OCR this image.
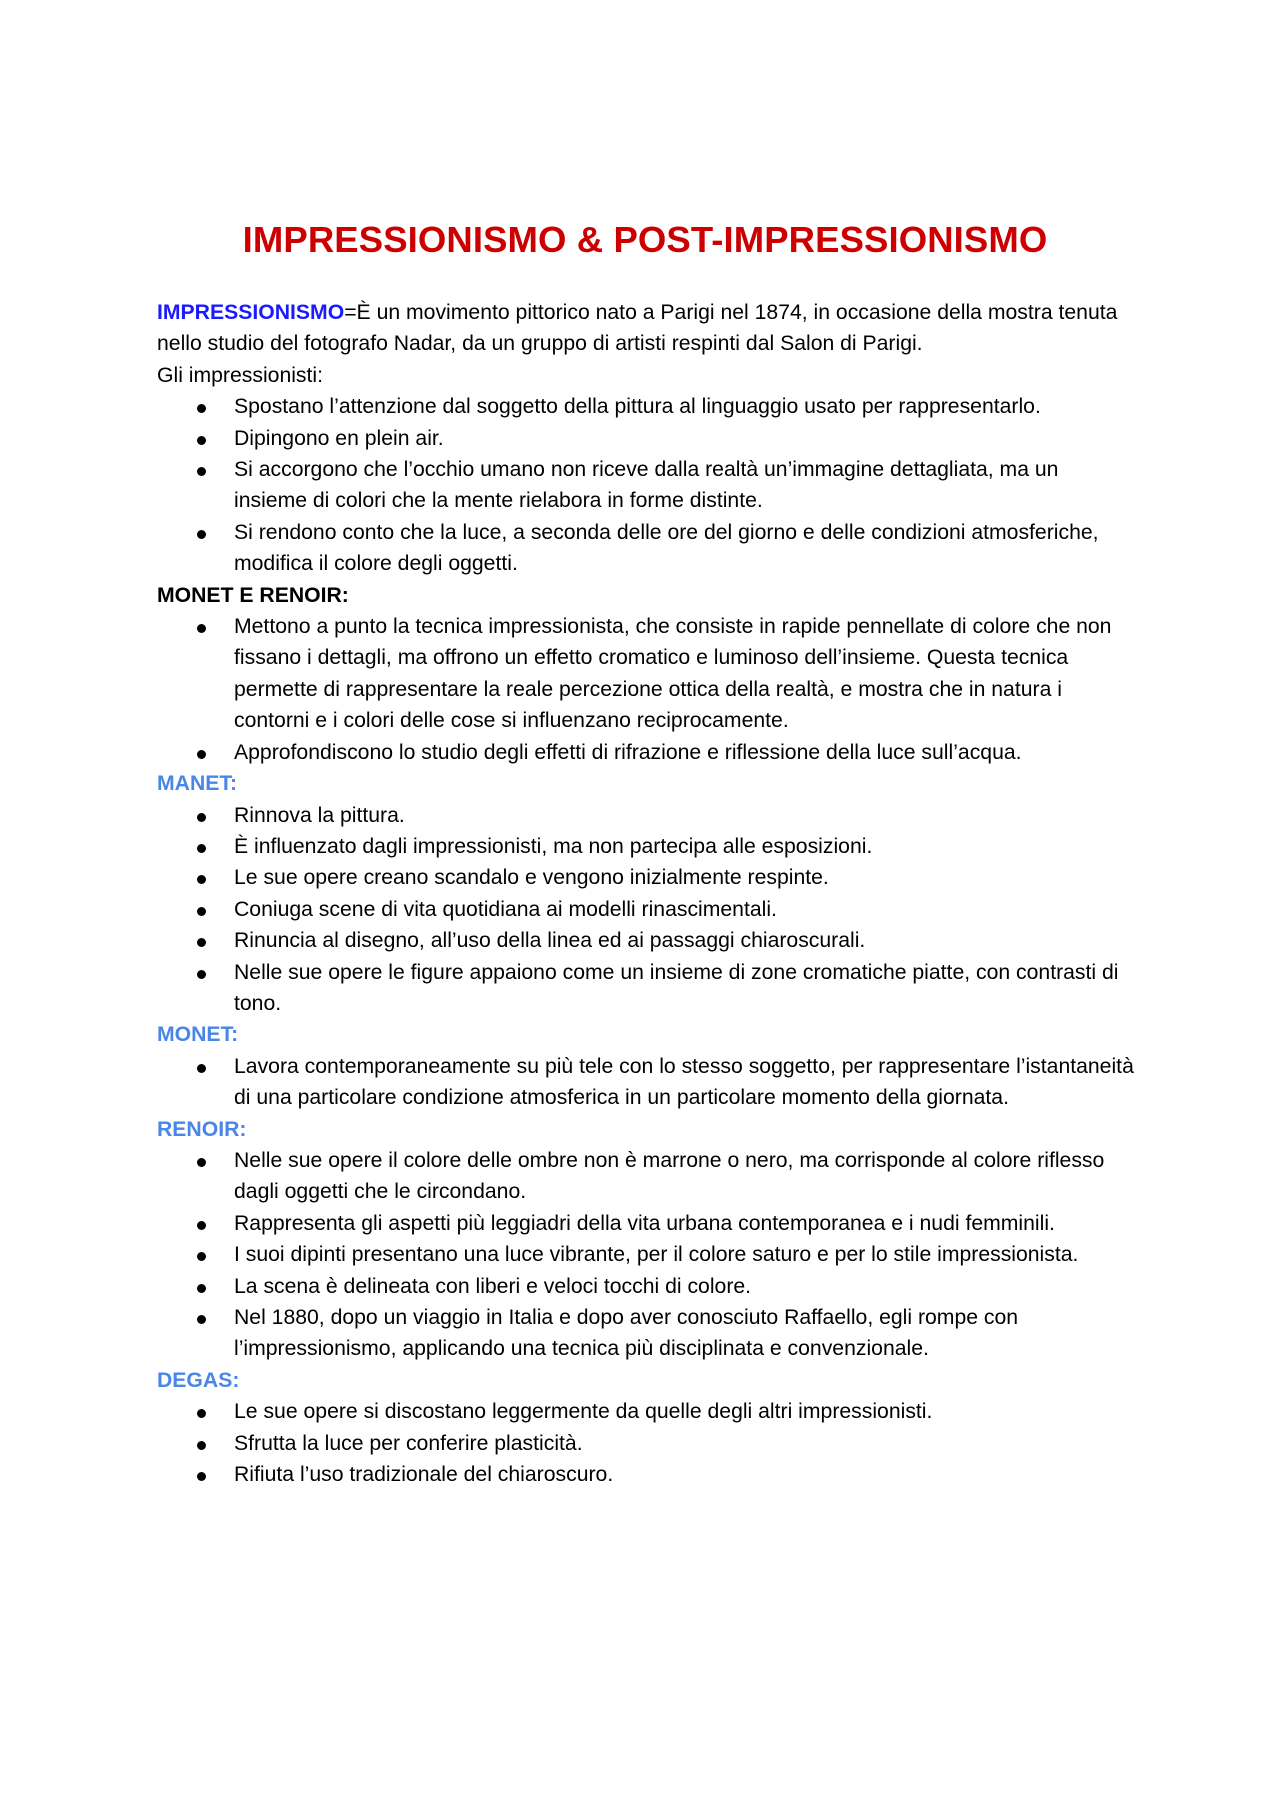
IMPRESSIONISMO & POST-IMPRESSIONISMO

IMPRESSIONISMO=È un movimento pittorico nato a Parigi nel 1874, in occasione della mostra tenuta nello studio del fotografo Nadar, da un gruppo di artisti respinti dal Salon di Parigi.

Gli impressionisti:

Spostano l’attenzione dal soggetto della pittura al linguaggio usato per rappresentarlo.
Dipingono en plein air.
Si accorgono che l’occhio umano non riceve dalla realtà un’immagine dettagliata, ma un insieme di colori che la mente rielabora in forme distinte.
Si rendono conto che la luce, a seconda delle ore del giorno e delle condizioni atmosferiche, modifica il colore degli oggetti.

MONET E RENOIR:

Mettono a punto la tecnica impressionista, che consiste in rapide pennellate di colore che non fissano i dettagli, ma offrono un effetto cromatico e luminoso dell’insieme. Questa tecnica permette di rappresentare la reale percezione ottica della realtà, e mostra che in natura i contorni e i colori delle cose si influenzano reciprocamente.
Approfondiscono lo studio degli effetti di rifrazione e riflessione della luce sull’acqua.

MANET:

Rinnova la pittura.
È influenzato dagli impressionisti, ma non partecipa alle esposizioni.
Le sue opere creano scandalo e vengono inizialmente respinte.
Coniuga scene di vita quotidiana ai modelli rinascimentali.
Rinuncia al disegno, all’uso della linea ed ai passaggi chiaroscurali.
Nelle sue opere le figure appaiono come un insieme di zone cromatiche piatte, con contrasti di tono.

MONET:

Lavora contemporaneamente su più tele con lo stesso soggetto, per rappresentare l’istantaneità di una particolare condizione atmosferica in un particolare momento della giornata.

RENOIR:

Nelle sue opere il colore delle ombre non è marrone o nero, ma corrisponde al colore riflesso dagli oggetti che le circondano.
Rappresenta gli aspetti più leggiadri della vita urbana contemporanea e i nudi femminili.
I suoi dipinti presentano una luce vibrante, per il colore saturo e per lo stile impressionista.
La scena è delineata con liberi e veloci tocchi di colore.
Nel 1880, dopo un viaggio in Italia e dopo aver conosciuto Raffaello, egli rompe con l’impressionismo, applicando una tecnica più disciplinata e convenzionale.

DEGAS:

Le sue opere si discostano leggermente da quelle degli altri impressionisti.
Sfrutta la luce per conferire plasticità.
Rifiuta l’uso tradizionale del chiaroscuro.
